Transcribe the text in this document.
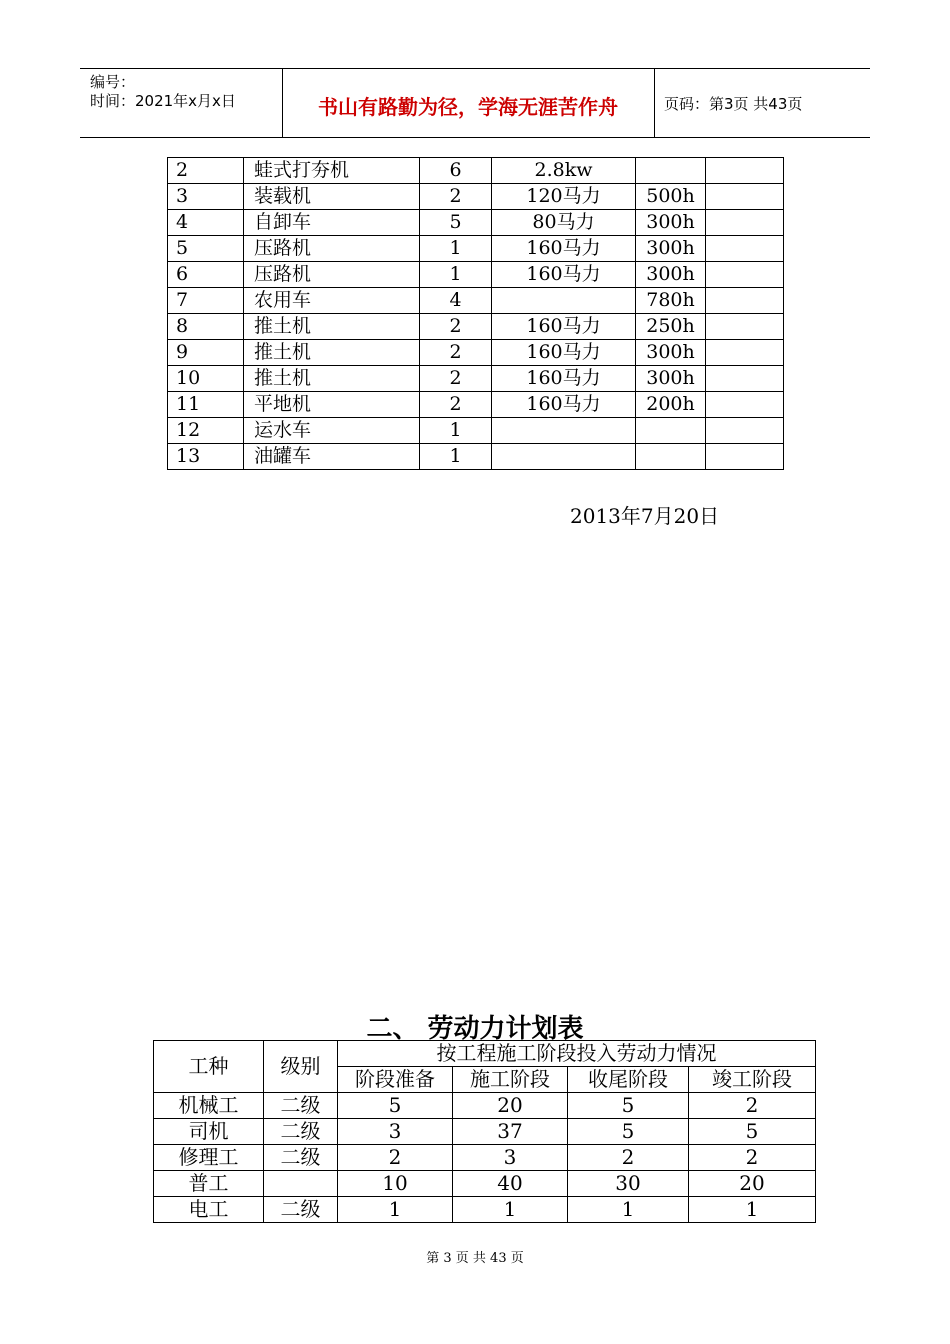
编号：
时间：2021年x月x日	书山有路勤为径，学海无涯苦作舟	页码：第3页 共43页
2	蛙式打夯机	6	2.8kw		
3	装载机	2	120马力	500h	
4	自卸车	5	80马力	300h	
5	压路机	1	160马力	300h	
6	压路机	1	160马力	300h	
7	农用车	4		780h	
8	推土机	2	160马力	250h	
9	推土机	2	160马力	300h	
10	推土机	2	160马力	300h	
11	平地机	2	160马力	200h	
12	运水车	1			
13	油罐车	1			
2013年7月20日
二、 劳动力计划表
工种	级别	按工程施工阶段投入劳动力情况			
		阶段准备	施工阶段	收尾阶段	竣工阶段
机械工	二级	5	20	5	2
司机	二级	3	37	5	5
修理工	二级	2	3	2	2
普工		10	40	30	20
电工	二级	1	1	1	1
第 3 页 共 43 页
